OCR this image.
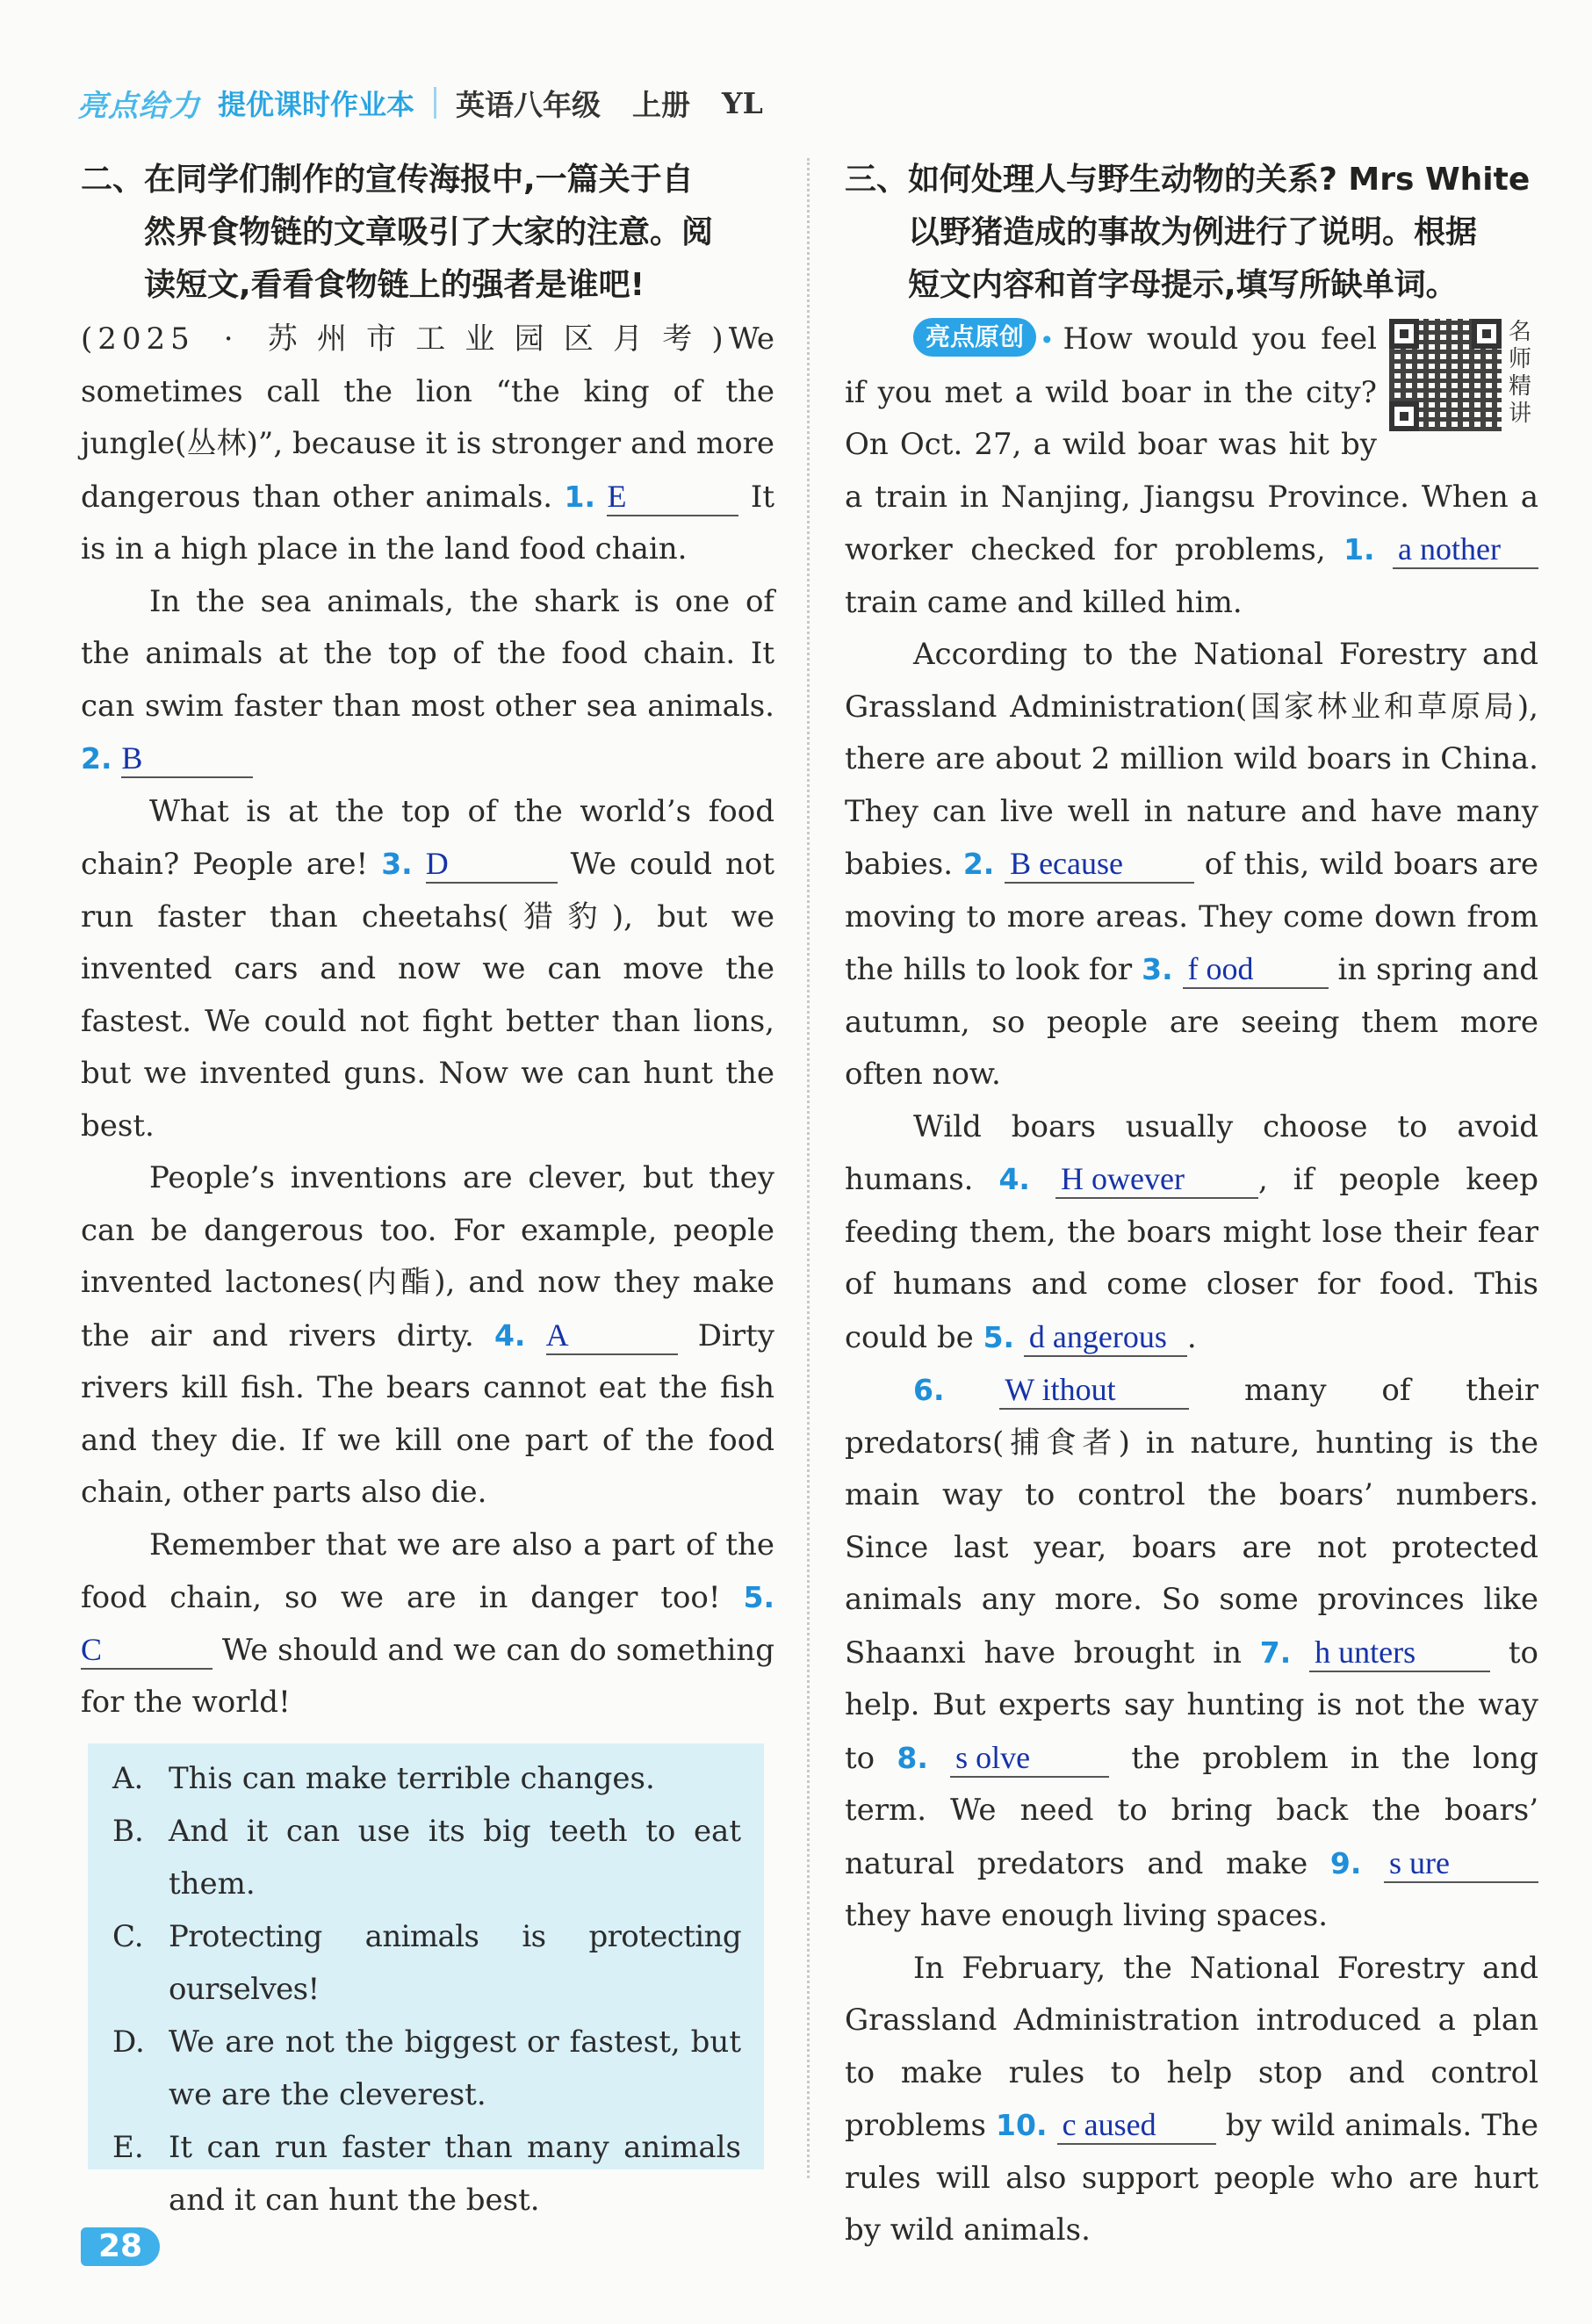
亮点给力 提优课时作业本 英语八年级 上册 YL

二、在同学们制作的宣传海报中,一篇关于自
然界食物链的文章吸引了大家的注意。阅
读短文,看看食物链上的强者是谁吧!

(2025 · 苏州市工业园区月考)We sometimes call the lion “the king of the jungle(丛林)”, because it is stronger and more dangerous than other animals. 1. E	It is in a high place in the land food chain.

In the sea animals, the shark is one of the animals at the top of the food chain. It can swim faster than most other sea animals. 2. B

What is at the top of the world’s food chain? People are! 3. D	We could not run faster than cheetahs(猎豹), but we invented cars and now we can move the fastest. We could not fight better than lions, but we invented guns. Now we can hunt the best.

People’s inventions are clever, but they can be dangerous too. For example, people invented lactones(内酯), and now they make the air and rivers dirty. 4. A	Dirty rivers kill fish. The bears cannot eat the fish and they die. If we kill one part of the food chain, other parts also die.

Remember that we are also a part of the food chain, so we are in danger too! 5. C	We should and we can do something for the world!

A. This can make terrible changes.
B. And it can use its big teeth to eat them.
C. Protecting animals is protecting ourselves!
D. We are not the biggest or fastest, but we are the cleverest.
E. It can run faster than many animals and it can hunt the best.

三、如何处理人与野生动物的关系? Mrs White
以野猪造成的事故为例进行了说明。根据
短文内容和首字母提示,填写所缺单词。

名师精讲
亮点原创 • How would you feel if you met a wild boar in the city? On Oct. 27, a wild boar was hit by a train in Nanjing, Jiangsu Province. When a worker checked for problems, 1. a nother train came and killed him.

According to the National Forestry and Grassland Administration(国家林业和草原局), there are about 2 million wild boars in China. They can live well in nature and have many babies. 2. B ecause of this, wild boars are moving to more areas. They come down from the hills to look for 3. f ood	in spring and autumn, so people are seeing them more often now.

Wild boars usually choose to avoid humans. 4. H owever , if people keep feeding them, the boars might lose their fear of humans and come closer for food. This could be 5. d angerous .

6. W ithout many of their predators(捕食者) in nature, hunting is the main way to control the boars’ numbers. Since last year, boars are not protected animals any more. So some provinces like Shaanxi have brought in 7. h unters	to help. But experts say hunting is not the way to 8. s olve	the problem in the long term. We need to bring back the boars’ natural predators and make 9. s ure they have enough living spaces.

In February, the National Forestry and Grassland Administration introduced a plan to make rules to help stop and control problems 10. c aused by wild animals. The rules will also support people who are hurt by wild animals.

28
